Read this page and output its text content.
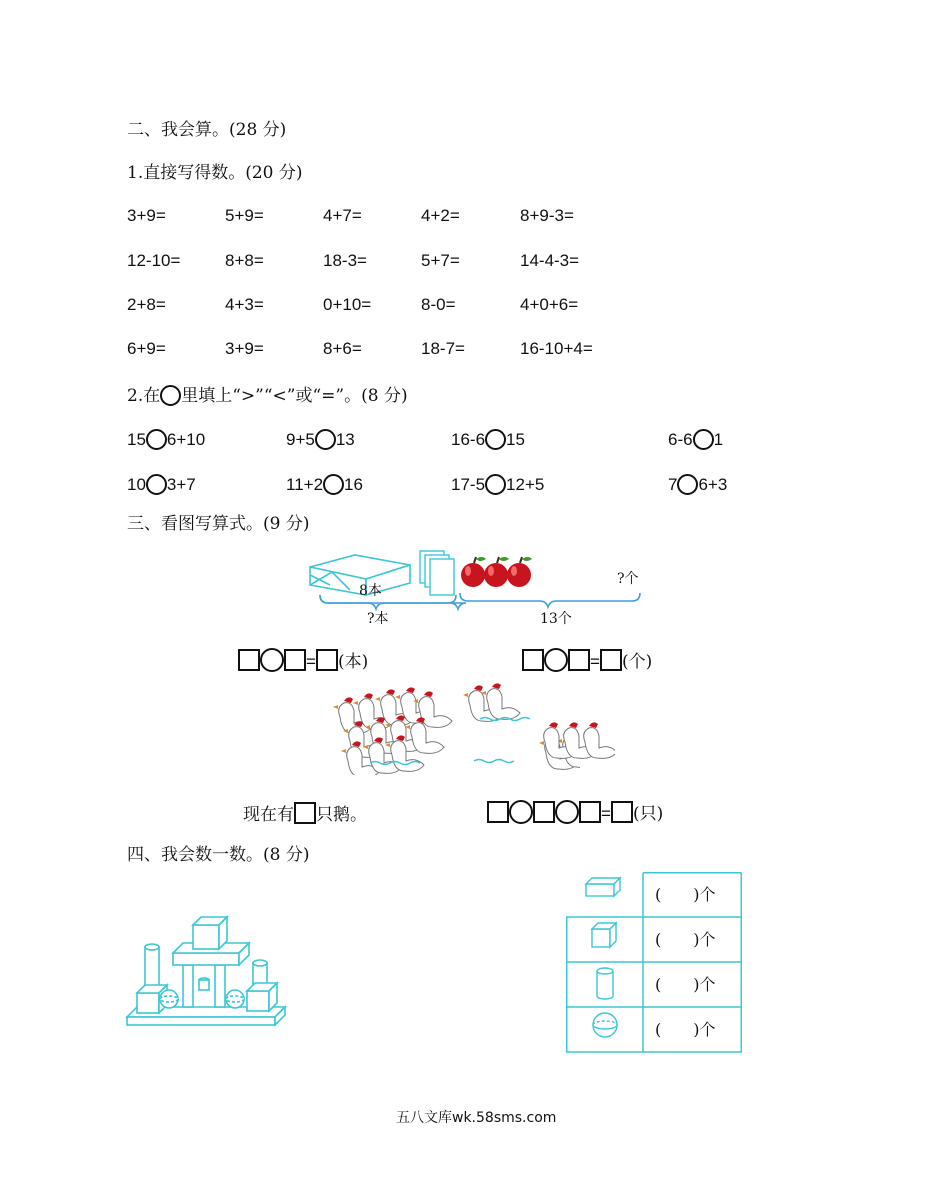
二、我会算。(28 分)
1.直接写得数。(20 分)
3+9=	5+9=	4+7=	4+2=	8+9-3=
12-10=	8+8=	18-3=	5+7=	14-4-3=
2+8=	4+3=	0+10=	8-0=	4+0+6=
6+9=	3+9=	8+6=	18-7=	16-10+4=
2.在 里填上“>”“<”或“=”。(8 分)
15 6+10	9+5 13	16-6 15	6-6 1
10 3+7	11+2 16	17-5 12+5	7 6+3
三、看图写算式。(9 分)
8本
?本
?个
13个
= (本)	= (个)
现在有 只鹅。	= (只)
四、我会数一数。(8 分)
(　　)个
(　　)个
(　　)个
(　　)个
五八文库wk.58sms.com
